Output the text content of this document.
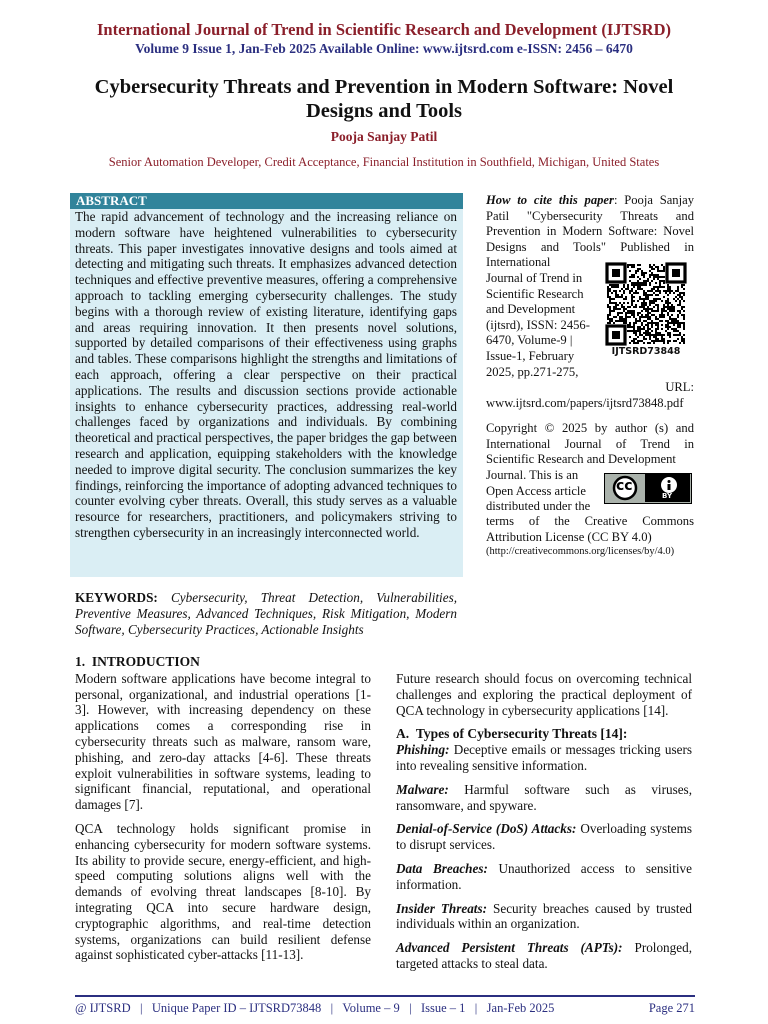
International Journal of Trend in Scientific Research and Development (IJTSRD)
Volume 9 Issue 1, Jan-Feb 2025 Available Online: www.ijtsrd.com e-ISSN: 2456 – 6470
Cybersecurity Threats and Prevention in Modern Software: Novel Designs and Tools
Pooja Sanjay Patil
Senior Automation Developer, Credit Acceptance, Financial Institution in Southfield, Michigan, United States
ABSTRACT
The rapid advancement of technology and the increasing reliance on modern software have heightened vulnerabilities to cybersecurity threats. This paper investigates innovative designs and tools aimed at detecting and mitigating such threats. It emphasizes advanced detection techniques and effective preventive measures, offering a comprehensive approach to tackling emerging cybersecurity challenges. The study begins with a thorough review of existing literature, identifying gaps and areas requiring innovation. It then presents novel solutions, supported by detailed comparisons of their effectiveness using graphs and tables. These comparisons highlight the strengths and limitations of each approach, offering a clear perspective on their practical applications. The results and discussion sections provide actionable insights to enhance cybersecurity practices, addressing real-world challenges faced by organizations and individuals. By combining theoretical and practical perspectives, the paper bridges the gap between research and application, equipping stakeholders with the knowledge needed to improve digital security. The conclusion summarizes the key findings, reinforcing the importance of adopting advanced techniques to counter evolving cyber threats. Overall, this study serves as a valuable resource for researchers, practitioners, and policymakers striving to strengthen cybersecurity in an increasingly interconnected world.
KEYWORDS: Cybersecurity, Threat Detection, Vulnerabilities, Preventive Measures, Advanced Techniques, Risk Mitigation, Modern Software, Cybersecurity Practices, Actionable Insights
How to cite this paper: Pooja Sanjay Patil "Cybersecurity Threats and Prevention in Modern Software: Novel Designs and Tools" Published in International
Journal of Trend in Scientific Research and Development (ijtsrd), ISSN: 2456-6470, Volume-9 | Issue-1, February 2025, pp.271-275,
URL:
www.ijtsrd.com/papers/ijtsrd73848.pdf
IJTSRD73848
Copyright © 2025 by author (s) and International Journal of Trend in Scientific Research and Development
Journal. This is an Open Access article distributed under the
cc
BY
terms of the Creative Commons Attribution License (CC BY 4.0)
(http://creativecommons.org/licenses/by/4.0)
1.  INTRODUCTION

Modern software applications have become integral to personal, organizational, and industrial operations [1-3]. However, with increasing dependency on these applications comes a corresponding rise in cybersecurity threats such as malware, ransom ware, phishing, and zero-day attacks [4-6]. These threats exploit vulnerabilities in software systems, leading to significant financial, reputational, and operational damages [7].

QCA technology holds significant promise in enhancing cybersecurity for modern software systems. Its ability to provide secure, energy-efficient, and high-speed computing solutions aligns well with the demands of evolving threat landscapes [8-10]. By integrating QCA into secure hardware design, cryptographic algorithms, and real-time detection systems, organizations can build resilient defense against sophisticated cyber-attacks [11-13].

Future research should focus on overcoming technical challenges and exploring the practical deployment of QCA technology in cybersecurity applications [14].

A.  Types of Cybersecurity Threats [14]:
Phishing: Deceptive emails or messages tricking users into revealing sensitive information.
Malware: Harmful software such as viruses, ransomware, and spyware.
Denial-of-Service (DoS) Attacks: Overloading systems to disrupt services.
Data Breaches: Unauthorized access to sensitive information.
Insider Threats: Security breaches caused by trusted individuals within an organization.
Advanced Persistent Threats (APTs): Prolonged, targeted attacks to steal data.
@ IJTSRD   |   Unique Paper ID – IJTSRD73848   |   Volume – 9   |   Issue – 1   |   Jan-Feb 2025	Page 271
